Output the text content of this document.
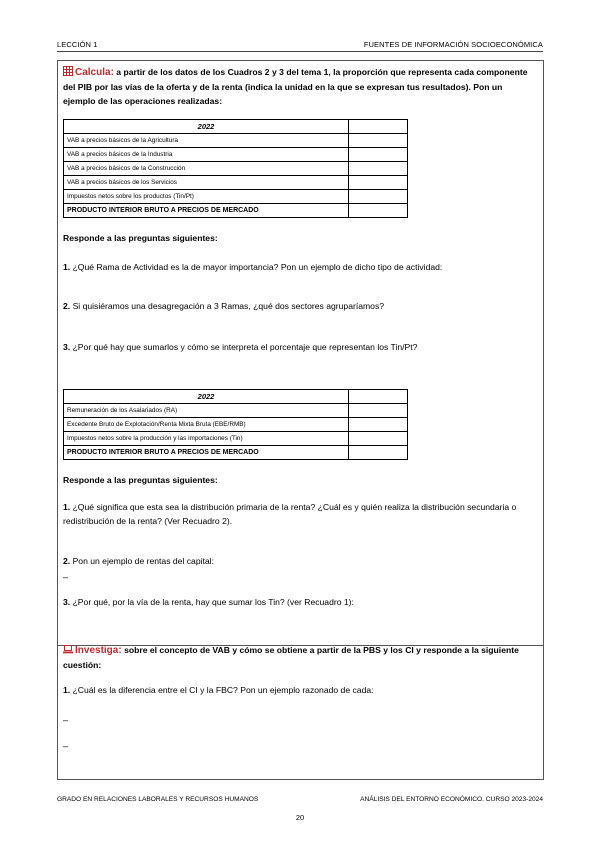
LECCIÓN 1	FUENTES DE INFORMACIÓN SOCIOECONÓMICA
Calcula: a partir de los datos de los Cuadros 2 y 3 del tema 1, la proporción que representa cada componente del PIB por las vías de la oferta y de la renta (indica la unidad en la que se expresan tus resultados). Pon un ejemplo de las operaciones realizadas:
2022	
VAB a precios básicos de la Agricultura	
VAB a precios básicos de la Industria	
VAB a precios básicos de la Construcción	
VAB a precios básicos de los Servicios	
Impuestos netos sobre los productos (Tin/Pt)	
PRODUCTO INTERIOR BRUTO A PRECIOS DE MERCADO	
Responde a las preguntas siguientes:
1. ¿Qué Rama de Actividad es la de mayor importancia? Pon un ejemplo de dicho tipo de actividad:
2. Si quisiéramos una desagregación a 3 Ramas, ¿qué dos sectores agruparíamos?
3. ¿Por qué hay que sumarlos y cómo se interpreta el porcentaje que representan los Tin/Pt?
2022	
Remuneración de los Asalariados (RA)	
Excedente Bruto de Explotación/Renta Mixta Bruta (EBE/RMB)	
Impuestos netos sobre la producción y las importaciones (Tin)	
PRODUCTO INTERIOR BRUTO A PRECIOS DE MERCADO	
Responde a las preguntas siguientes:
1. ¿Qué significa que esta sea la distribución primaria de la renta? ¿Cuál es y quién realiza la distribución secundaria o redistribución de la renta? (Ver Recuadro 2).
2. Pon un ejemplo de rentas del capital:
–
3. ¿Por qué, por la vía de la renta, hay que sumar los Tin? (ver Recuadro 1):
Investiga: sobre el concepto de VAB y cómo se obtiene a partir de la PBS y los CI y responde a la siguiente cuestión:
1. ¿Cuál es la diferencia entre el CI y la FBC? Pon un ejemplo razonado de cada:
–
–
GRADO EN RELACIONES LABORALES Y RECURSOS HUMANOS	ANÁLISIS DEL ENTORNO ECONÓMICO. CURSO 2023-2024
20
